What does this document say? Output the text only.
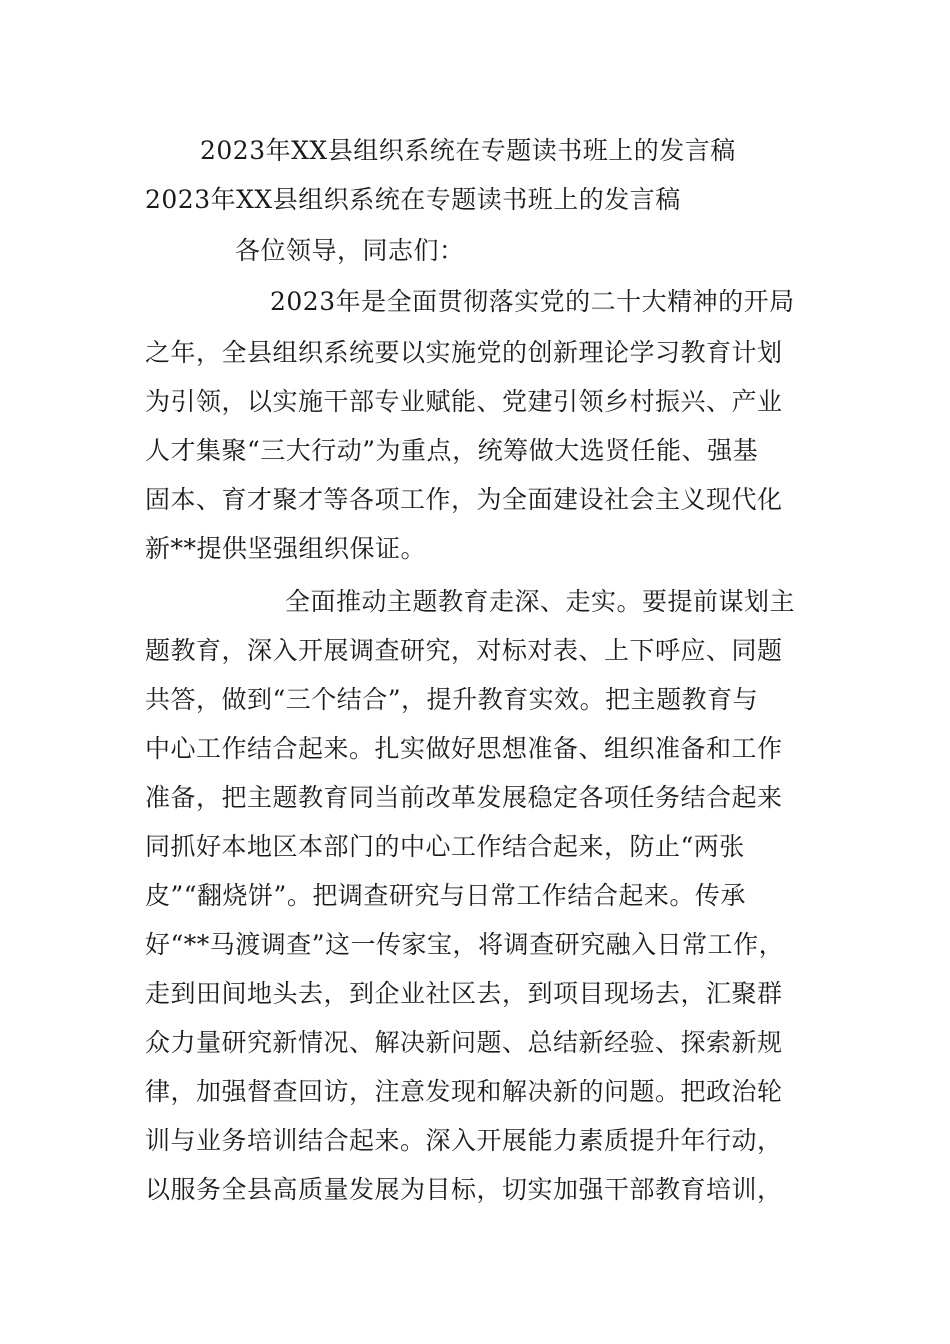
2023年XX县组织系统在专题读书班上的发言稿
2023年XX县组织系统在专题读书班上的发言稿
各位领导，同志们：
2023年是全面贯彻落实党的二十大精神的开局
之年，全县组织系统要以实施党的创新理论学习教育计划
为引领，以实施干部专业赋能、党建引领乡村振兴、产业
人才集聚“三大行动”为重点，统筹做大选贤任能、强基
固本、育才聚才等各项工作，为全面建设社会主义现代化
新**提供坚强组织保证。
全面推动主题教育走深、走实。要提前谋划主
题教育，深入开展调查研究，对标对表、上下呼应、同题
共答，做到“三个结合”，提升教育实效。把主题教育与
中心工作结合起来。扎实做好思想准备、组织准备和工作
准备，把主题教育同当前改革发展稳定各项任务结合起来
同抓好本地区本部门的中心工作结合起来，防止“两张
皮”“翻烧饼”。把调查研究与日常工作结合起来。传承
好“**马渡调查”这一传家宝，将调查研究融入日常工作，
走到田间地头去，到企业社区去，到项目现场去，汇聚群
众力量研究新情况、解决新问题、总结新经验、探索新规
律，加强督查回访，注意发现和解决新的问题。把政治轮
训与业务培训结合起来。深入开展能力素质提升年行动，
以服务全县高质量发展为目标，切实加强干部教育培训，
